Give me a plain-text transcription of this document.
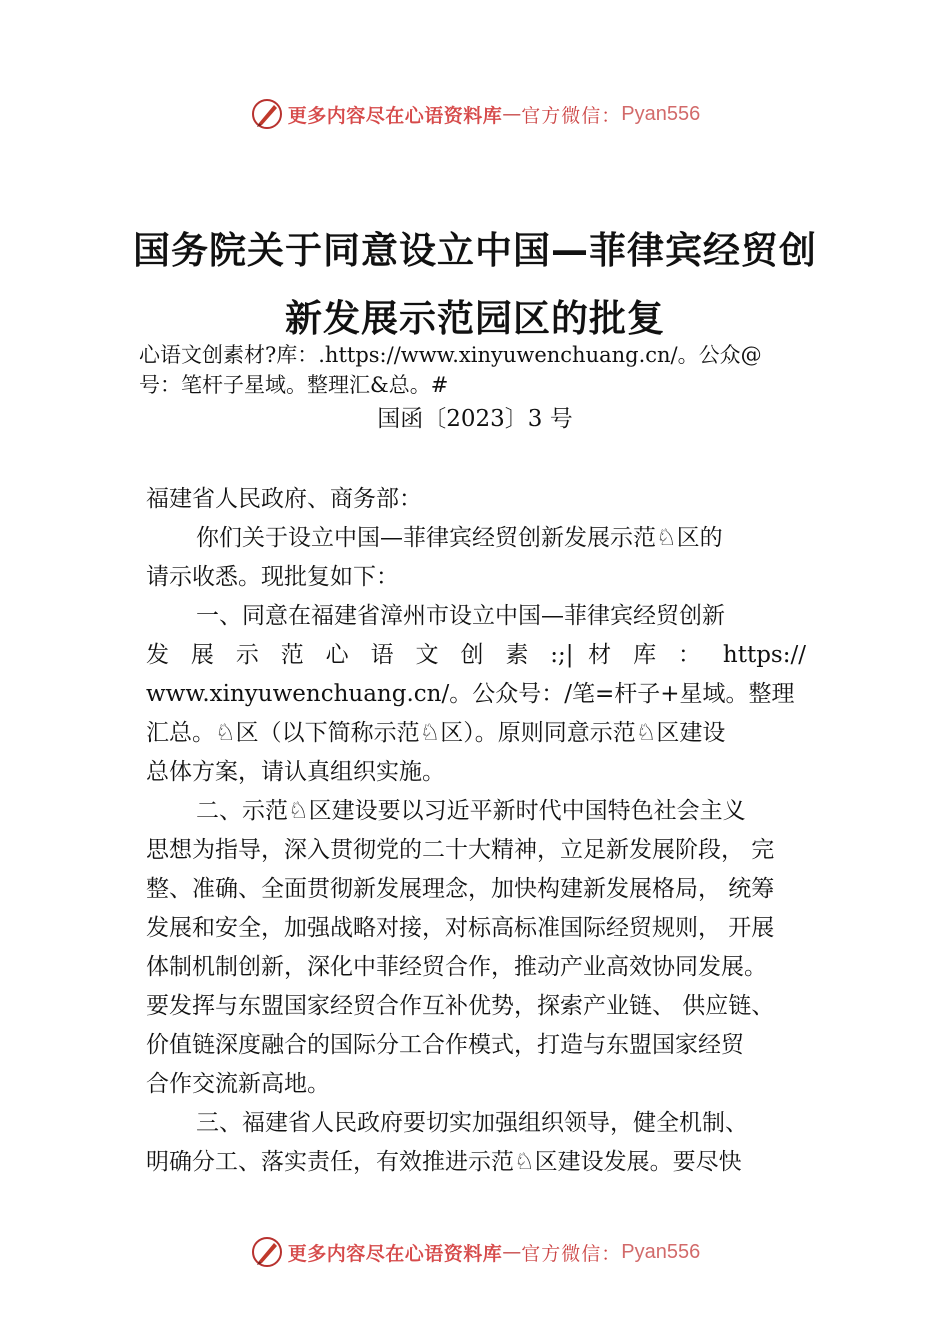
更多内容尽在心语资料库 — 官方微信： Pyan556
国务院关于同意设立中国—菲律宾经贸创
新发展示范园区的批复
心语文创素材?库：.https://www.xinyuwenchuang.cn/。公众@
号：笔杆子星域。整理汇&总。#
国函〔2023〕3 号

福建省人民政府、商务部：

你们关于设立中国—菲律宾经贸创新发展示范♘区的

请示收悉。现批复如下：

一、同意在福建省漳州市设立中国—菲律宾经贸创新

发 展 示 范 心 语 文 创 素 :;| 材 库 ： https://

www.xinyuwenchuang.cn/。公众号：/笔=杆子+星域。整理

汇总。♘区（以下简称示范♘区）。原则同意示范♘区建设

总体方案，请认真组织实施。

二、示范♘区建设要以习近平新时代中国特色社会主义

思想为指导，深入贯彻党的二十大精神，立足新发展阶段， 完

整、准确、全面贯彻新发展理念，加快构建新发展格局， 统筹

发展和安全，加强战略对接，对标高标准国际经贸规则， 开展

体制机制创新，深化中菲经贸合作，推动产业高效协同发展。

要发挥与东盟国家经贸合作互补优势，探索产业链、 供应链、

价值链深度融合的国际分工合作模式，打造与东盟国家经贸

合作交流新高地。

三、福建省人民政府要切实加强组织领导，健全机制、

明确分工、落实责任，有效推进示范♘区建设发展。要尽快

更多内容尽在心语资料库 — 官方微信： Pyan556
